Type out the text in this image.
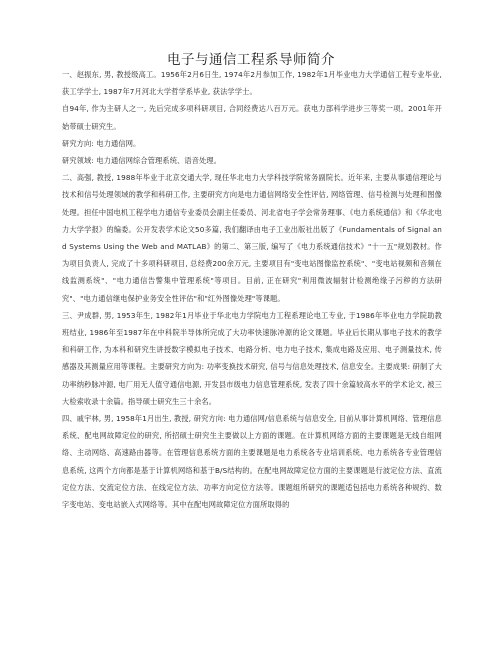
电子与通信工程系导师简介

一、赵振东, 男, 教授级高工。1956年2月6日生, 1974年2月参加工作, 1982年1月毕业电力大学通信工程专业毕业, 获工学学士, 1987年7月河北大学哲学系毕业, 获法学学士。

自94年, 作为主研人之一, 先后完成多项科研项目, 合同经费达八百万元。获电力部科学进步三等奖一项。2001年开始带硕士研究生。

研究方向: 电力通信网。

研究领域: 电力通信网综合管理系统、语音处理。

二、高强, 教授, 1988年毕业于北京交通大学, 现任华北电力大学科技学院常务副院长。近年来, 主要从事通信理论与技术和信号处理领域的教学和科研工作, 主要研究方向是电力通信网络安全性评估, 网络管理、信号检测与处理和图像处理。担任中国电机工程学电力通信专业委员会副主任委员、河北省电子学会常务理事、《电力系统通信》和《华北电力大学学报》的编委。公开发表学术论文50多篇, 我们翻译由电子工业出版社出版了《Fundamentals of Signal and Systems Using the Web and MATLAB》的第二、第三版, 编写了《电力系统通信技术》"十一五"规划教材。作为项目负责人, 完成了十多项科研项目, 总经费200余万元, 主要项目有"变电站图像监控系统"、"变电站视频和音频在线监测系统"、"电力通信告警集中管理系统"等项目。目前, 正在研究"利用微波辐射计检测绝缘子污秽的方法研究"、"电力通信继电保护业务安全性评估"和"红外图像处理"等课题。

三、尹成群, 男, 1953年生, 1982年1月毕业于华北电力学院电力工程系理论电工专业, 于1986年毕业电力学院助教班结业, 1986年至1987年在中科院半导体所完成了大功率快速脉冲源的论文课题。毕业后长期从事电子技术的教学和科研工作, 为本科和研究生讲授数字模拟电子技术、电路分析、电力电子技术, 集成电路及应用、电子测量技术, 传感器及其测量应用等课程。主要研究方向为: 功率变换技术研究, 信号与信息处理技术, 信息安全。主要成果: 研制了大功率纳秒脉冲源, 电厂用无人值守通信电源, 开发县市级电力信息管理系统, 发表了四十余篇较高水平的学术论文, 被三大检索收录十余篇。指导硕士研究生三十余名。

四、戚宇林, 男, 1958年1月出生, 教授, 研究方向: 电力通信网/信息系统与信息安全, 目前从事计算机网络、管理信息系统、配电网故障定位的研究, 所招硕士研究生主要做以上方面的课题。在计算机网络方面的主要课题是无线自组网络、主动网络、高速路由器等。在管理信息系统方面的主要课题是电力系统各专业培训系统、电力系统各专业管理信息系统, 这两个方向都是基于计算机网络和基于B/S结构的。在配电网故障定位方面的主要课题是行波定位方法、直流定位方法、交流定位方法、在线定位方法、功率方向定位方法等。课题组所研究的课题适包括电力系统各种规约、数字变电站、变电站嵌入式网络等。其中在配电网故障定位方面所取得的
